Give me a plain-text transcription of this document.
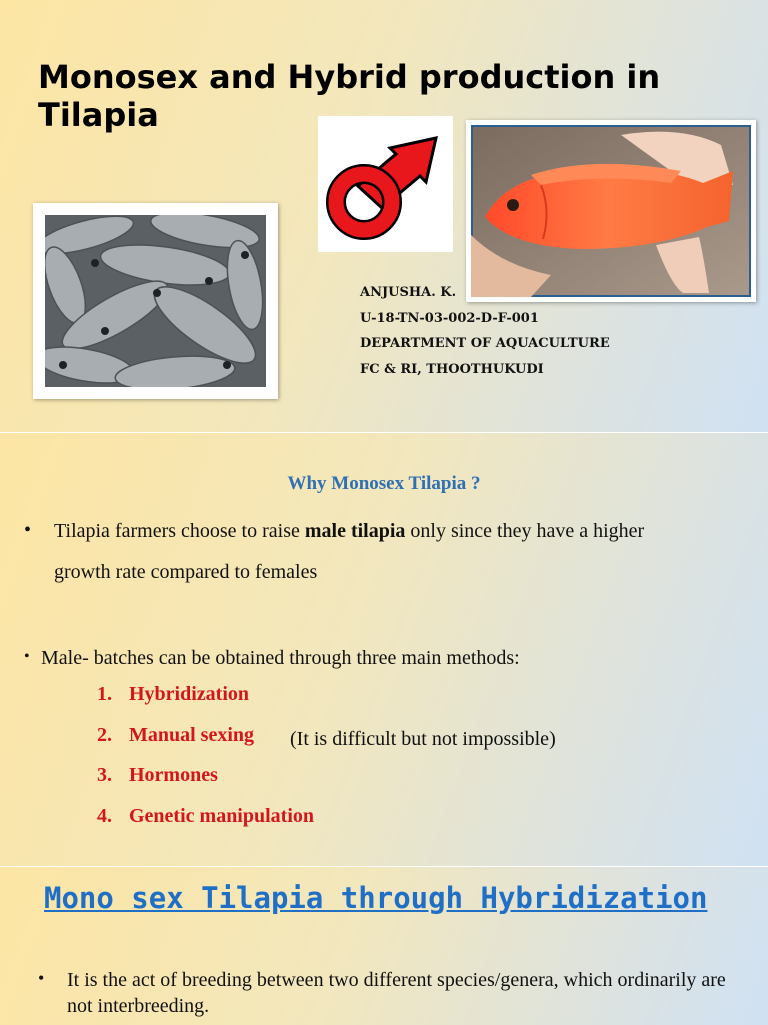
Monosex and Hybrid production in Tilapia
ANJUSHA. K.
U-18-TN-03-002-D-F-001
DEPARTMENT OF AQUACULTURE
FC & RI, THOOTHUKUDI
Why Monosex Tilapia ?
• Tilapia farmers choose to raise male tilapia only since they have a higher
growth rate compared to females
• Male- batches can be obtained through three main methods:
1. Hybridization
2. Manual sexing
3. Hormones
4. Genetic manipulation
(It is difficult but not impossible)
Mono sex Tilapia through Hybridization
• It is the act of breeding between two different species/genera, which ordinarily are not interbreeding.
